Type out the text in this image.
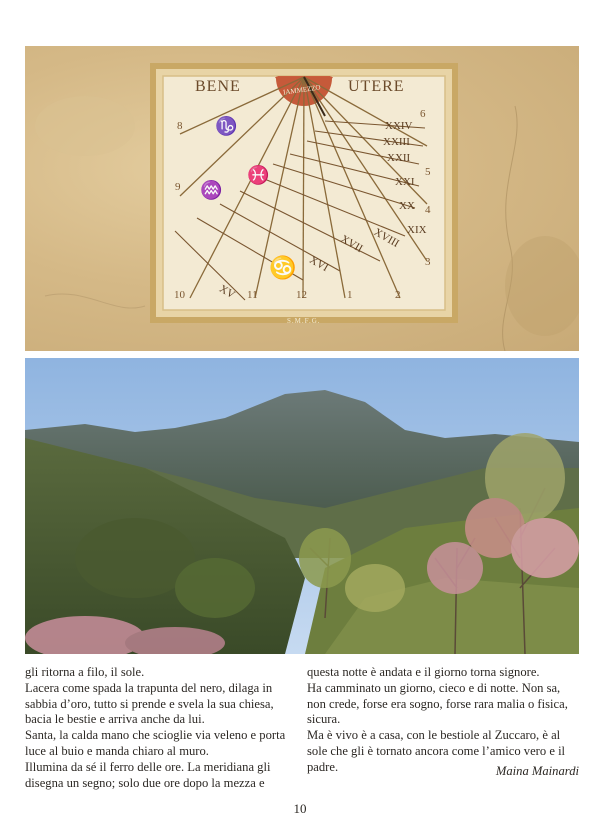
BENE	UTERE
IAMMEZZO
S.M.F.G.
8
9
10	11	12	1	2
6
5
4
3
XXIV
XXIII
XXII
XXI
XX
XIX
XVIII
XVII
XVI
XV
♑
♒
♓
♋

gli ritorna a filo, il sole.

Lacera come spada la trapunta del nero, dilaga in sabbia d’oro, tutto si prende e svela la sua chiesa, bacia le bestie e arriva anche da lui.

Santa, la calda mano che scioglie via veleno e porta luce al buio e manda chiaro al muro.

Illumina da sé il ferro delle ore. La meridiana gli disegna un segno; solo due ore dopo la mezza e

questa notte è andata e il giorno torna signore.

Ha camminato un giorno, cieco e di notte. Non sa, non crede, forse era sogno, forse rara malia o fisica, sicura.

Ma è vivo è a casa, con le bestiole al Zuccaro, è al sole che gli è tornato ancora come l’amico vero e il padre.	Maina Mainardi
10
